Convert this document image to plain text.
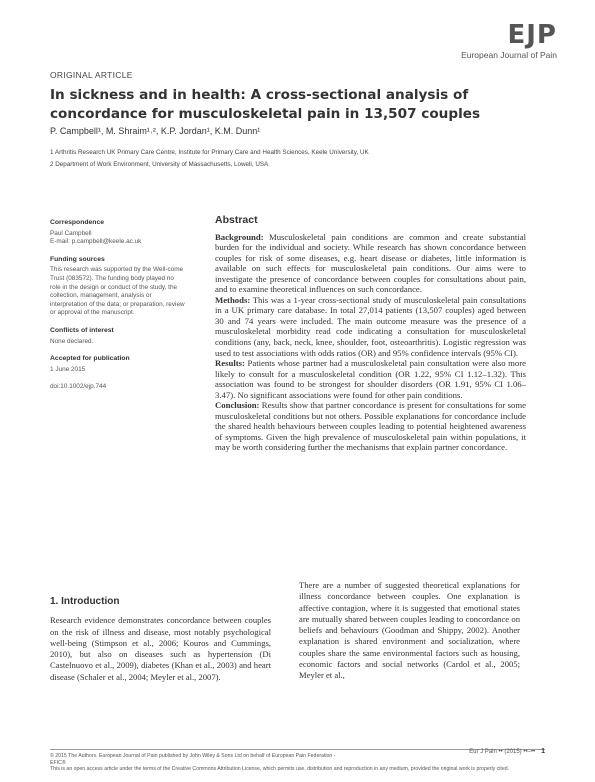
EJP
European Journal of Pain
ORIGINAL ARTICLE
In sickness and in health: A cross-sectional analysis of concordance for musculoskeletal pain in 13,507 couples
P. Campbell¹, M. Shraim¹˒², K.P. Jordan¹, K.M. Dunn¹
1 Arthritis Research UK Primary Care Centre, Institute for Primary Care and Health Sciences, Keele University, UK
2 Department of Work Environment, University of Massachusetts, Lowell, USA
Correspondence
Paul Campbell
E-mail: p.campbell@keele.ac.uk
Funding sources
This research was supported by the Well-come Trust (083572). The funding body played no role in the design or conduct of the study, the collection, management, analysis or interpretation of the data; or preparation, review or approval of the manuscript.
Conflicts of interest
None declared.
Accepted for publication
1 June 2015
doi:10.1002/ejp.744
Abstract

Background: Musculoskeletal pain conditions are common and create substantial burden for the individual and society. While research has shown concordance between couples for risk of some diseases, e.g. heart disease or diabetes, little information is available on such effects for musculoskeletal pain conditions. Our aims were to investigate the presence of concordance between couples for consultations about pain, and to examine theoretical influences on such concordance.

Methods: This was a 1-year cross-sectional study of musculoskeletal pain consultations in a UK primary care database. In total 27,014 patients (13,507 couples) aged between 30 and 74 years were included. The main outcome measure was the presence of a musculoskeletal morbidity read code indicating a consultation for musculoskeletal conditions (any, back, neck, knee, shoulder, foot, osteoarthritis). Logistic regression was used to test associations with odds ratios (OR) and 95% confidence intervals (95% CI).

Results: Patients whose partner had a musculoskeletal pain consultation were also more likely to consult for a musculoskeletal condition (OR 1.22, 95% CI 1.12–1.32). This association was found to be strongest for shoulder disorders (OR 1.91, 95% CI 1.06–3.47). No significant associations were found for other pain conditions.

Conclusion: Results show that partner concordance is present for consultations for some musculoskeletal conditions but not others. Possible explanations for concordance include the shared health behaviours between couples leading to potential heightened awareness of symptoms. Given the high prevalence of musculoskeletal pain within populations, it may be worth considering further the mechanisms that explain partner concordance.

1. Introduction

Research evidence demonstrates concordance between couples on the risk of illness and disease, most notably psychological well-being (Stimpson et al., 2006; Kouros and Cummings, 2010), but also on diseases such as hypertension (Di Castelnuovo et al., 2009), diabetes (Khan et al., 2003) and heart disease (Schaler et al., 2004; Meyler et al., 2007).

There are a number of suggested theoretical explanations for illness concordance between couples. One explanation is affective contagion, where it is suggested that emotional states are mutually shared between couples leading to concordance on beliefs and behaviours (Goodman and Shippy, 2002). Another explanation is shared environment and socialization, where couples share the same environmental factors such as housing, economic factors and social networks (Cardol et al., 2005; Meyler et al.,

© 2015 The Authors. European Journal of Pain published by John Wiley & Sons Ltd on behalf of European Pain Federation - EFIC®
This is an open access article under the terms of the Creative Commons Attribution License, which permits use, distribution and reproduction in any medium, provided the original work is properly cited.
Eur J Pain •• (2015) ••–•• 1
